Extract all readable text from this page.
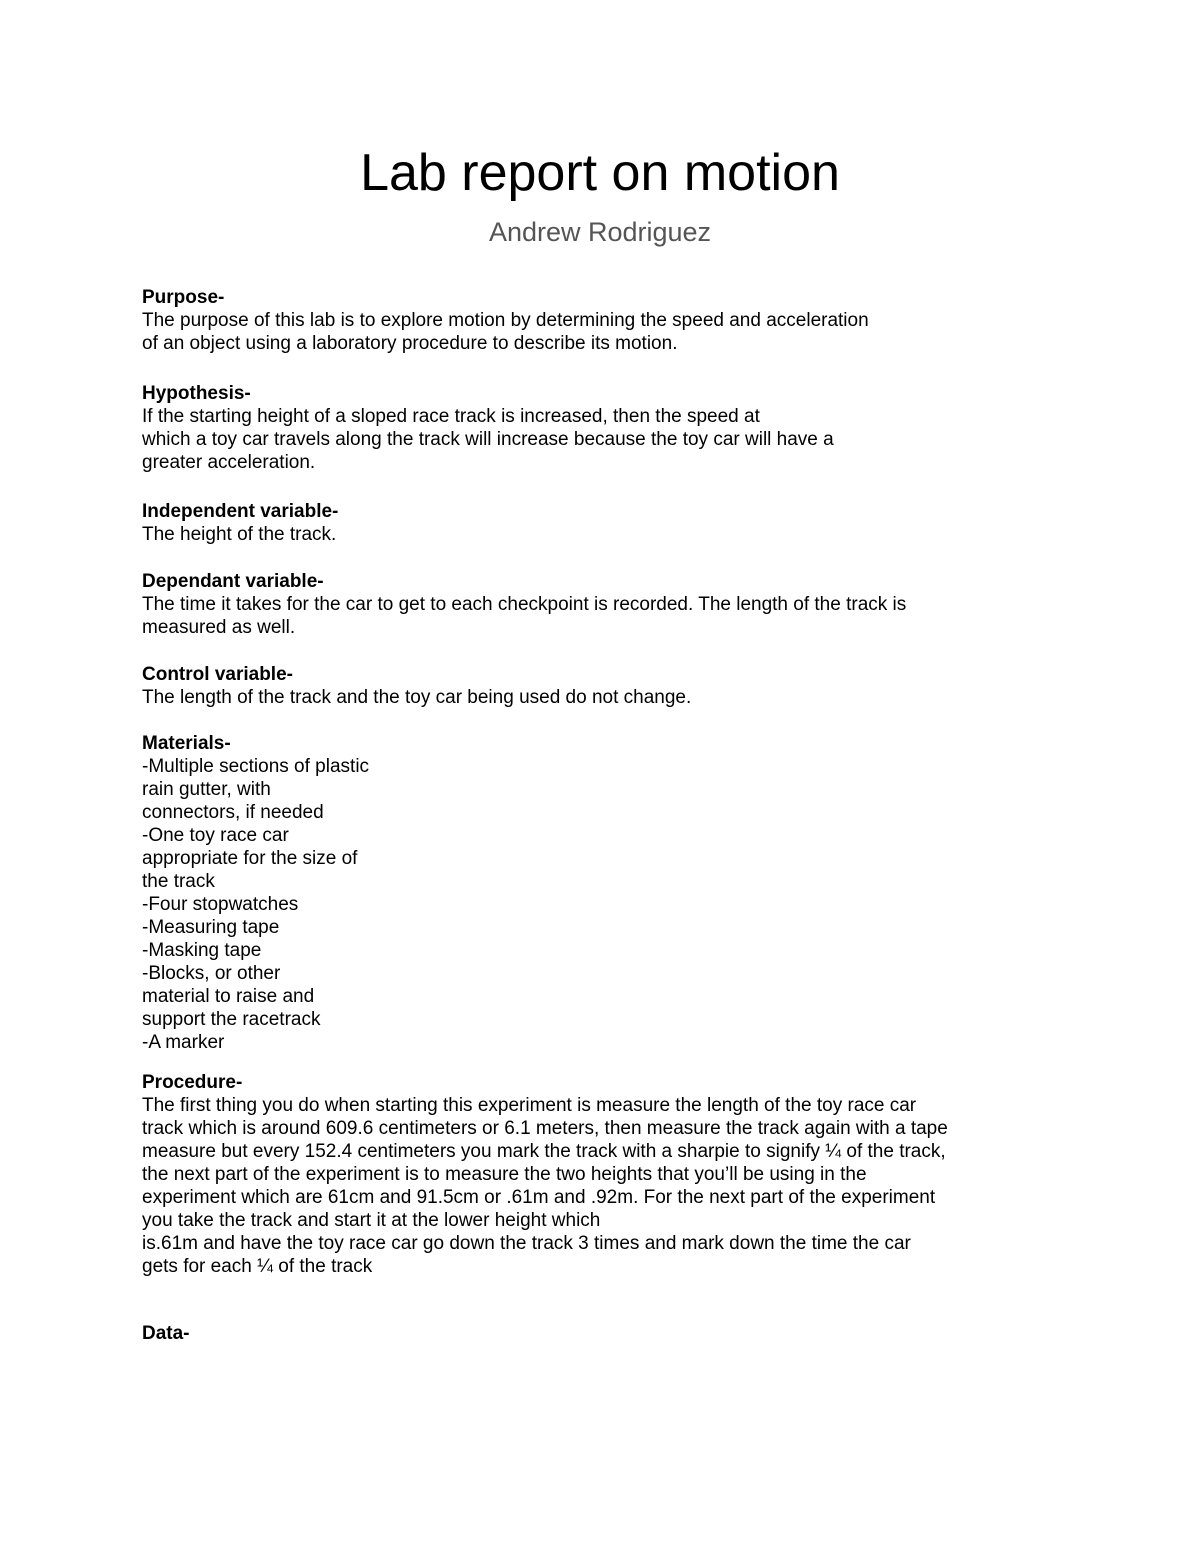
Lab report on motion

Andrew Rodriguez

Purpose-
The purpose of this lab is to explore motion by determining the speed and acceleration
of an object using a laboratory procedure to describe its motion.
Hypothesis-
If the starting height of a sloped race track is increased, then the speed at
which a toy car travels along the track will increase because the toy car will have a
greater acceleration.
Independent variable-
The height of the track.
Dependant variable-
The time it takes for the car to get to each checkpoint is recorded. The length of the track is
measured as well.
Control variable-
The length of the track and the toy car being used do not change.
Materials-
-Multiple sections of plastic
rain gutter, with
connectors, if needed
-One toy race car
appropriate for the size of
the track
-Four stopwatches
-Measuring tape
-Masking tape
-Blocks, or other
material to raise and
support the racetrack
-A marker
Procedure-
The first thing you do when starting this experiment is measure the length of the toy race car
track which is around 609.6 centimeters or 6.1 meters, then measure the track again with a tape
measure but every 152.4 centimeters you mark the track with a sharpie to signify ¼ of the track,
the next part of the experiment is to measure the two heights that you’ll be using in the
experiment which are 61cm and 91.5cm or .61m and .92m. For the next part of the experiment
you take the track and start it at the lower height which
is.61m and have the toy race car go down the track 3 times and mark down the time the car
gets for each ¼ of the track
Data-
